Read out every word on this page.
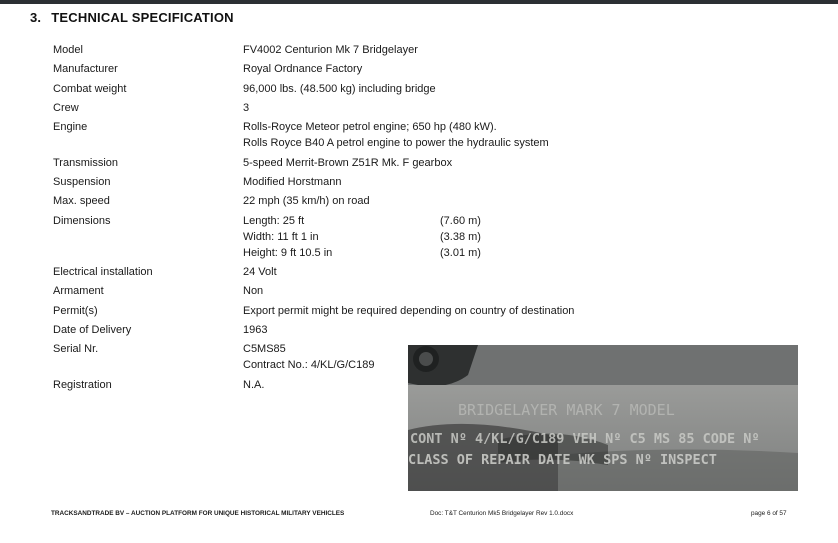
3. TECHNICAL SPECIFICATION
Model	FV4002 Centurion Mk 7 Bridgelayer
Manufacturer	Royal Ordnance Factory
Combat weight	96,000 lbs. (48.500 kg) including bridge
Crew	3
Engine	Rolls-Royce Meteor petrol engine; 650 hp (480 kW).
Rolls Royce B40 A petrol engine to power the hydraulic system
Transmission	5-speed Merrit-Brown Z51R Mk. F gearbox
Suspension	Modified Horstmann
Max. speed	22 mph (35 km/h) on road
Dimensions	Length: 25 ft	(7.60 m)
Width: 11 ft 1 in	(3.38 m)
Height: 9 ft 10.5 in	(3.01 m)
Electrical installation	24 Volt
Armament	Non
Permit(s)	Export permit might be required depending on country of destination
Date of Delivery	1963
Serial Nr.	C5MS85
Contract No.: 4/KL/G/C189
Registration	N.A.
BRIDGELAYER MARK 7 MODEL
CONT Nº 4/KL/G/C189 VEH Nº C5 MS 85 CODE Nº
CLASS OF REPAIR DATE WK SPS Nº INSPECT
TRACKSANDTRADE BV – AUCTION PLATFORM FOR UNIQUE HISTORICAL MILITARY VEHICLES	Doc: T&T Centurion Mk5 Bridgelayer Rev 1.0.docx	page 6 of 57
